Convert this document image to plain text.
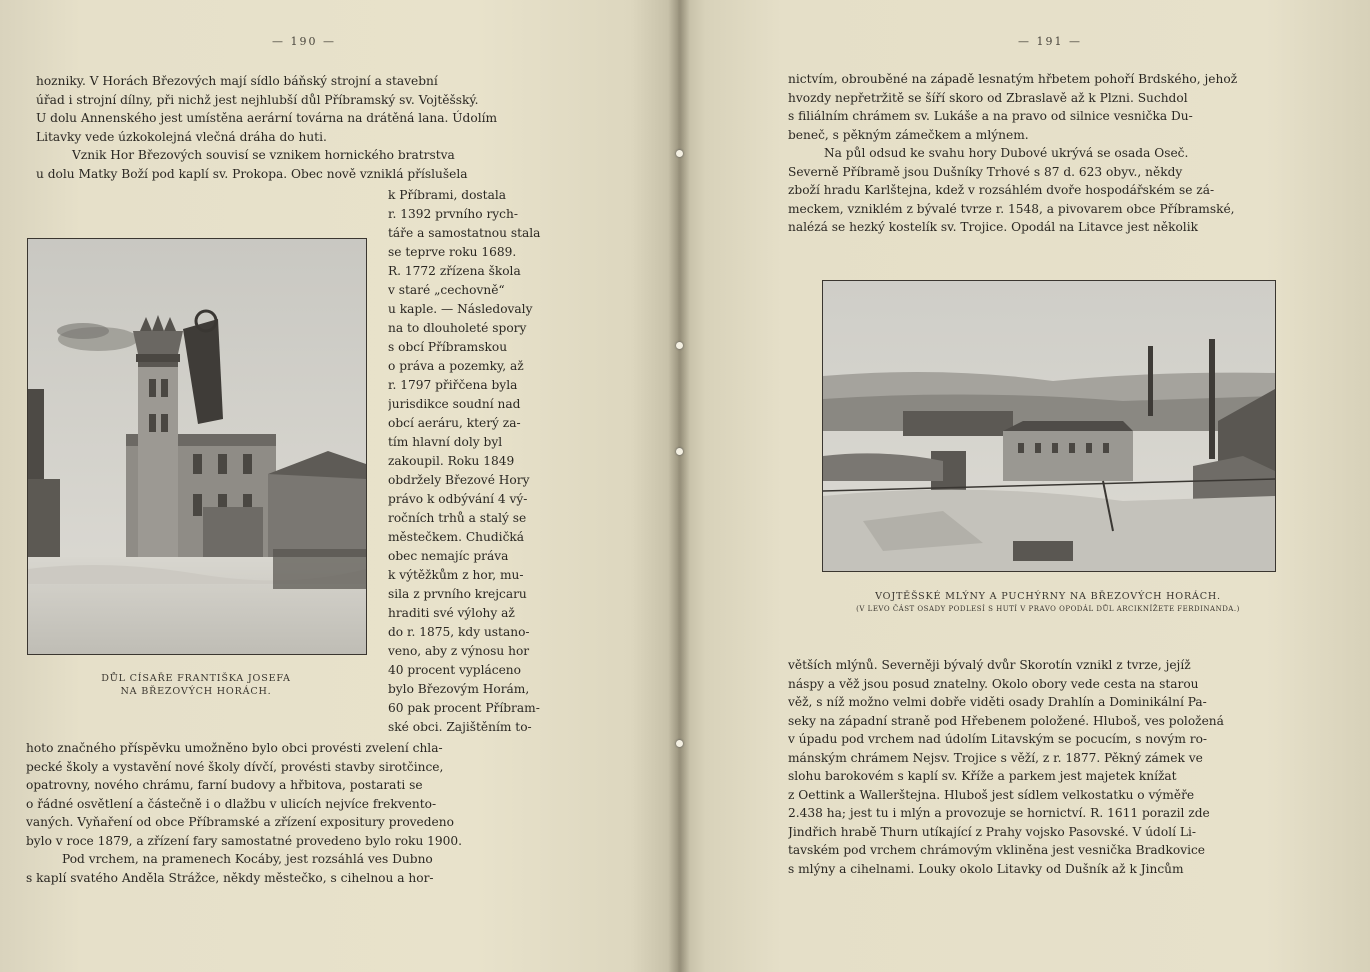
— 190 —
hozniky. V Horách Březových mají sídlo báňský strojní a stavební
úřad i strojní dílny, při nichž jest nejhlubší důl Příbramský sv. Vojtěšský.
U dolu Annenského jest umístěna aerární továrna na drátěná lana. Údolím
Litavky vede úzkokolejná vlečná dráha do huti.
Vznik Hor Březových souvisí se vznikem hornického bratrstva
u dolu Matky Boží pod kaplí sv. Prokopa. Obec nově vzniklá příslušela
k Příbrami, dostala
r. 1392 prvního rych-
táře a samostatnou stala
se teprve roku 1689.
R. 1772 zřízena škola
v staré „cechovně“
u kaple. — Následovaly
na to dlouholeté spory
s obcí Příbramskou
o práva a pozemky, až
r. 1797 přiřčena byla
jurisdikce soudní nad
obcí aeráru, který za-
tím hlavní doly byl
zakoupil. Roku 1849
obdržely Březové Hory
právo k odbývání 4 vý-
ročních trhů a stalý se
městečkem. Chudičká
obec nemajíc práva
k výtěžkům z hor, mu-
sila z prvního krejcaru
hraditi své výlohy až
do r. 1875, kdy ustano-
veno, aby z výnosu hor
40 procent vypláceno
bylo Březovým Horám,
60 pak procent Příbram-
ské obci. Zajištěním to-
DŮL CÍSAŘE FRANTIŠKA JOSEFA
NA BŘEZOVÝCH HORÁCH.
hoto značného příspěvku umožněno bylo obci provésti zvelení chla-
pecké školy a vystavění nové školy dívčí, provésti stavby sirotčince,
opatrovny, nového chrámu, farní budovy a hřbitova, postarati se
o řádné osvětlení a částečně i o dlažbu v ulicích nejvíce frekvento-
vaných. Vyňaření od obce Příbramské a zřízení expositury provedeno
bylo v roce 1879, a zřízení fary samostatné provedeno bylo roku 1900.
Pod vrchem, na pramenech Kocáby, jest rozsáhlá ves Dubno
s kaplí svatého Anděla Strážce, někdy městečko, s cihelnou a hor-
— 191 —
nictvím, obrouběné na západě lesnatým hřbetem pohoří Brdského, jehož
hvozdy nepřetržitě se šíří skoro od Zbraslavě až k Plzni. Suchdol
s filiálním chrámem sv. Lukáše a na pravo od silnice vesnička Du-
beneč, s pěkným zámečkem a mlýnem.
Na půl odsud ke svahu hory Dubové ukrývá se osada Oseč.
Severně Příbramě jsou Dušníky Trhové s 87 d. 623 obyv., někdy
zboží hradu Karlštejna, kdež v rozsáhlém dvoře hospodářském se zá-
meckem, vzniklém z bývalé tvrze r. 1548, a pivovarem obce Příbramské,
nalézá se hezký kostelík sv. Trojice. Opodál na Litavce jest několik
VOJTĚŠSKÉ MLÝNY A PUCHÝRNY NA BŘEZOVÝCH HORÁCH.
(V LEVO ČÁST OSADY PODLESÍ S HUTÍ V PRAVO OPODÁL DŮL ARCIKNÍŽETE FERDINANDA.)
větších mlýnů. Severněji bývalý dvůr Skorotín vznikl z tvrze, jejíž
náspy a věž jsou posud znatelny. Okolo obory vede cesta na starou
věž, s níž možno velmi dobře viděti osady Drahlín a Dominikální Pa-
sekу na západní straně pod Hřebenem položené. Hluboš, ves položená
v úpadu pod vrchem nad údolím Litavským se pocucím, s novým ro-
mánským chrámem Nejsv. Trojice s věží, z r. 1877. Pěkný zámek ve
slohu barokovém s kaplí sv. Kříže a parkem jest majetek knížat
z Oettink a Wallerštejna. Hluboš jest sídlem velkostatku o výměře
2.438 ha; jest tu i mlýn a provozuje se hornictví. R. 1611 porazil zde
Jindřich hrabě Thurn utíkající z Prahy vojsko Pasovské. V údolí Li-
tavském pod vrchem chrámovým vkliněna jest vesnička Bradkovice
s mlýny a cihelnami. Louky okolo Litavky od Dušník až k Jincům
